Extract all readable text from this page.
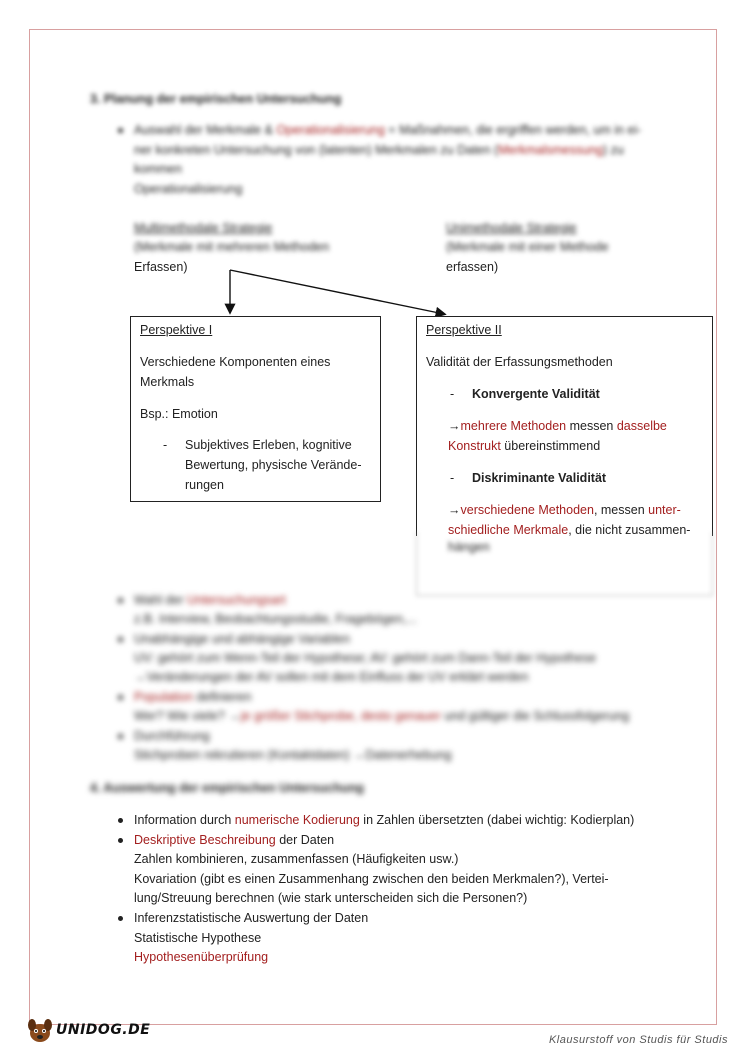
3. Planung der empirischen Untersuchung
Auswahl der Merkmale & Operationalisierung = Maßnahmen, die ergriffen werden, um in ei-
ner konkreten Untersuchung von (latenten) Merkmalen zu Daten (Merkmalsmessung) zu
kommen
Operationalisierung
Multimethodale Strategie
(Merkmale mit mehreren Methoden
Unimethodale Strategie
(Merkmale mit einer Methode
Erfassen)	erfassen)
Perspektive I
Verschiedene Komponenten eines
Merkmals
Bsp.: Emotion
- Subjektives Erleben, kognitive
Bewertung, physische Verände-
rungen
Perspektive II
Validität der Erfassungsmethoden
- Konvergente Validität
→mehrere Methoden messen dasselbe
Konstrukt übereinstimmend
- Diskriminante Validität
→verschiedene Methoden, messen unter-
schiedliche Merkmale, die nicht zusammen-
hängen
Wahl der Untersuchungsart
z.B. Interview, Beobachtungsstudie, Fragebögen,...
Unabhängige und abhängige Variablen
UV: gehört zum Wenn-Teil der Hypothese; AV: gehört zum Dann-Teil der Hypothese
→Veränderungen der AV sollen mit dem Einfluss der UV erklärt werden
Population definieren
Wer? Wie viele? →je größer Stichprobe, desto genauer und gültiger die Schlussfolgerung
Durchführung
Stichproben rekrutieren (Kontaktdaten) →Datenerhebung
4. Auswertung der empirischen Untersuchung
Information durch numerische Kodierung in Zahlen übersetzten (dabei wichtig: Kodierplan)
Deskriptive Beschreibung der Daten
Zahlen kombinieren, zusammenfassen (Häufigkeiten usw.)
Kovariation (gibt es einen Zusammenhang zwischen den beiden Merkmalen?), Vertei-
lung/Streuung berechnen (wie stark unterscheiden sich die Personen?)
Inferenzstatistische Auswertung der Daten
Statistische Hypothese
Hypothesenüberprüfung
UNIDOG.DE
Klausurstoff von Studis für Studis
